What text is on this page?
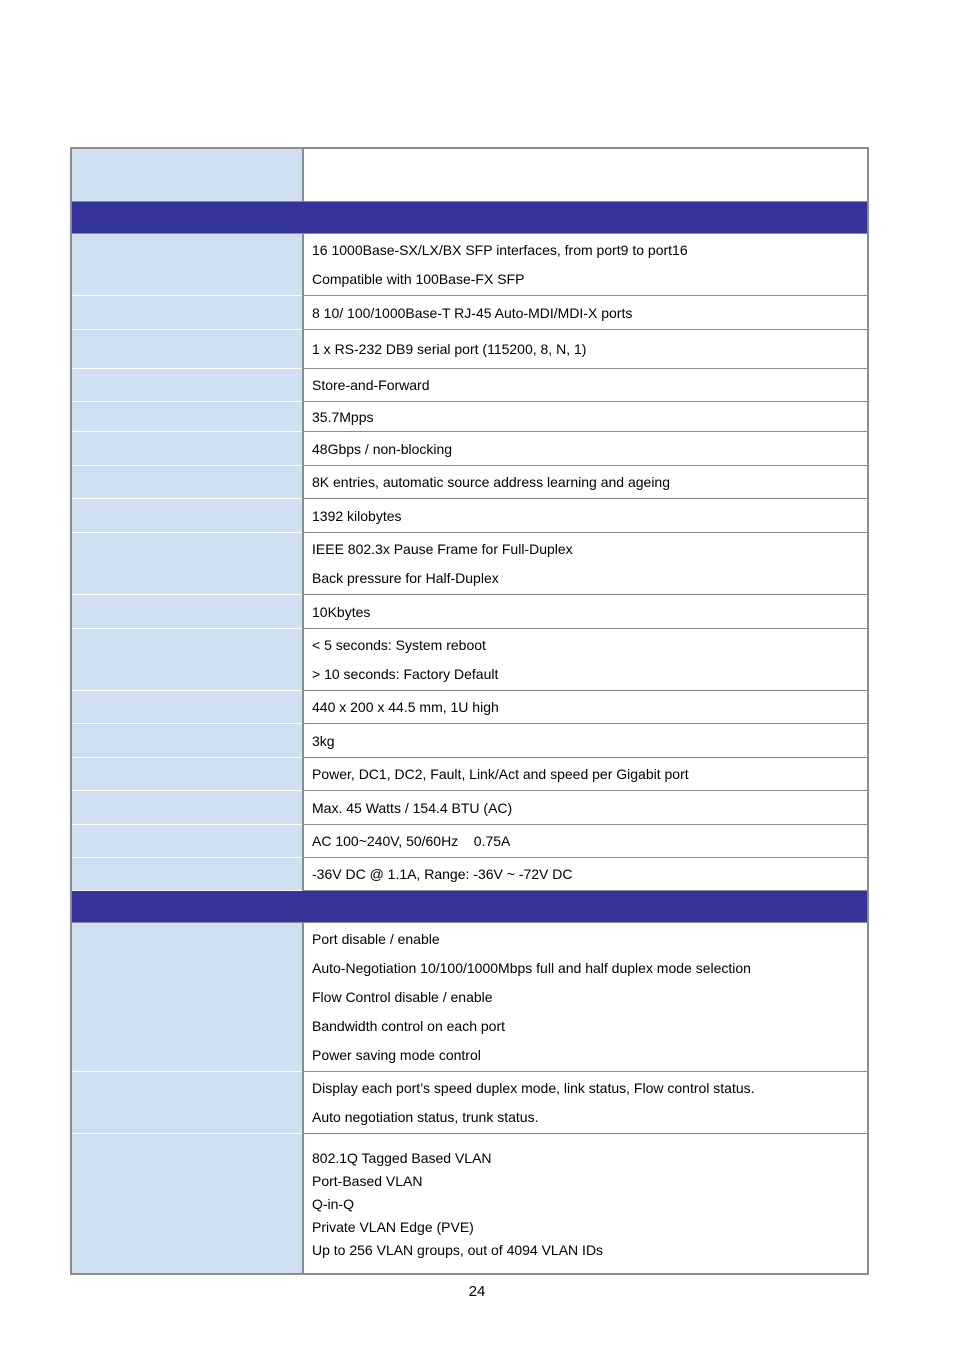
16 1000Base-SX/LX/BX SFP interfaces, from port9 to port16
Compatible with 100Base-FX SFP

8 10/ 100/1000Base-T RJ-45 Auto-MDI/MDI-X ports

1 x RS-232 DB9 serial port (115200, 8, N, 1)

Store-and-Forward

35.7Mpps

48Gbps / non-blocking

8K entries, automatic source address learning and ageing

1392 kilobytes

IEEE 802.3x Pause Frame for Full-Duplex
Back pressure for Half-Duplex

10Kbytes

< 5 seconds: System reboot
> 10 seconds: Factory Default

440 x 200 x 44.5 mm, 1U high

3kg

Power, DC1, DC2, Fault, Link/Act and speed per Gigabit port

Max. 45 Watts / 154.4 BTU (AC)

AC 100~240V, 50/60Hz    0.75A

-36V DC @ 1.1A, Range: -36V ~ -72V DC

Port disable / enable
Auto-Negotiation 10/100/1000Mbps full and half duplex mode selection
Flow Control disable / enable
Bandwidth control on each port
Power saving mode control

Display each port’s speed duplex mode, link status, Flow control status.
Auto negotiation status, trunk status.

802.1Q Tagged Based VLAN
Port-Based VLAN
Q-in-Q
Private VLAN Edge (PVE)
Up to 256 VLAN groups, out of 4094 VLAN IDs
24
